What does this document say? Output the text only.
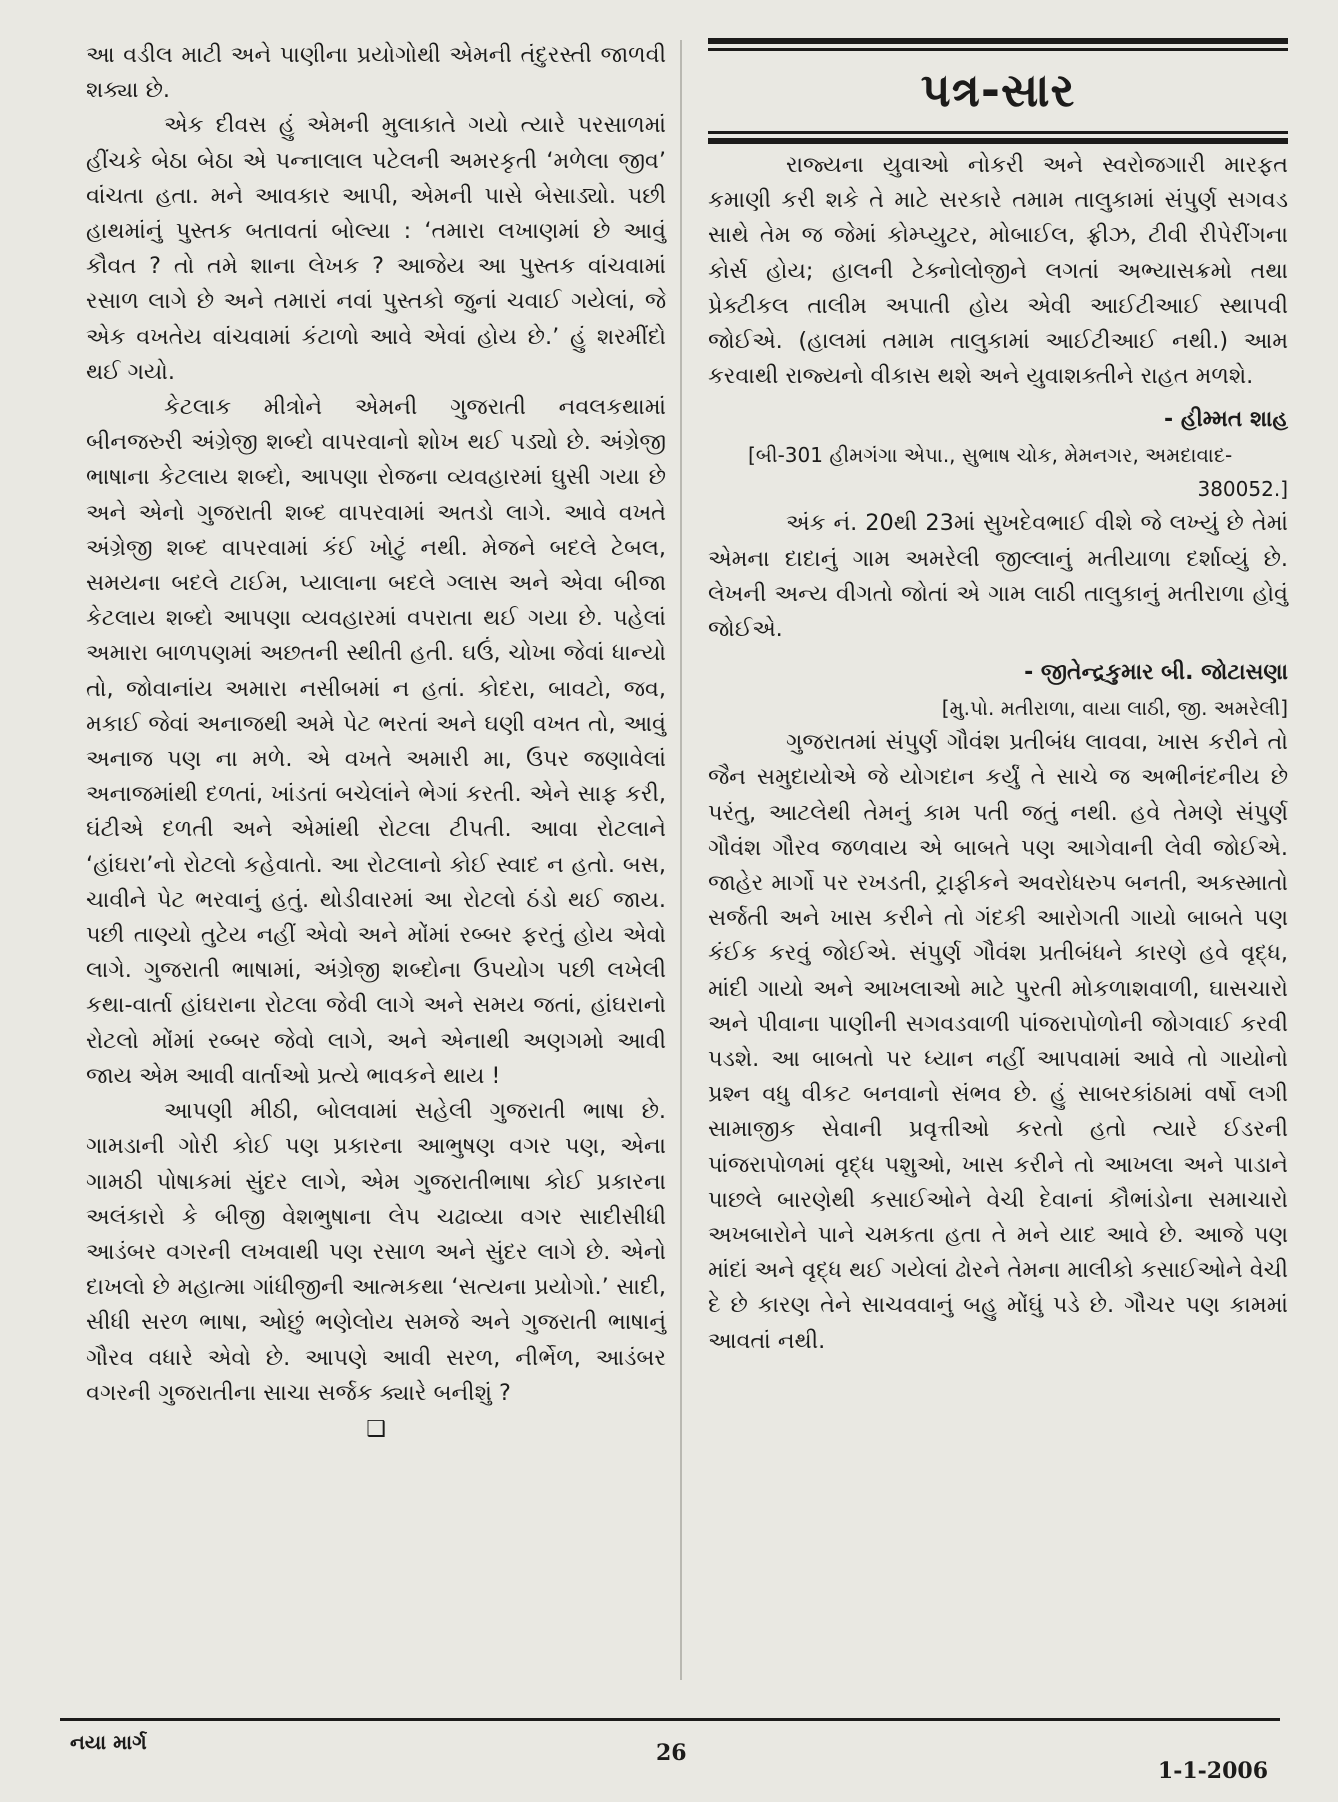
આ વડીલ માટી અને પાણીના પ્રયોગોથી એમની તંદુરસ્તી જાળવી શક્યા છે.

એક દીવસ હું એમની મુલાકાતે ગયો ત્યારે પરસાળમાં હીંચકે બેઠા બેઠા એ પન્નાલાલ પટેલની અમરકૃતી ‘મળેલા જીવ’ વાંચતા હતા. મને આવકાર આપી, એમની પાસે બેસાડ્યો. પછી હાથમાંનું પુસ્તક બતાવતાં બોલ્યા : ‘તમારા લખાણમાં છે આવું કૌવત ? તો તમે શાના લેખક ? આજેય આ પુસ્તક વાંચવામાં રસાળ લાગે છે અને તમારાં નવાં પુસ્તકો જુનાં ચવાઈ ગયેલાં, જે એક વખતેય વાંચવામાં કંટાળો આવે એવાં હોય છે.’ હું શરમીંદો થઈ ગયો.

કેટલાક મીત્રોને એમની ગુજરાતી નવલકથામાં બીનજરુરી અંગ્રેજી શબ્દો વાપરવાનો શોખ થઈ પડ્યો છે. અંગ્રેજી ભાષાના કેટલાય શબ્દો, આપણા રોજના વ્યવહારમાં ઘુસી ગયા છે અને એનો ગુજરાતી શબ્દ વાપરવામાં અતડો લાગે. આવે વખતે અંગ્રેજી શબ્દ વાપરવામાં કંઈ ખોટું નથી. મેજને બદલે ટેબલ, સમયના બદલે ટાઈમ, પ્યાલાના બદલે ગ્લાસ અને એવા બીજા કેટલાય શબ્દો આપણા વ્યવહારમાં વપરાતા થઈ ગયા છે. પહેલાં અમારા બાળપણમાં અછતની સ્થીતી હતી. ઘઉં, ચોખા જેવાં ધાન્યો તો, જોવાનાંય અમારા નસીબમાં ન હતાં. કોદરા, બાવટો, જવ, મકાઈ જેવાં અનાજથી અમે પેટ ભરતાં અને ઘણી વખત તો, આવું અનાજ પણ ના મળે. એ વખતે અમારી મા, ઉપર જણાવેલાં અનાજમાંથી દળતાં, ખાંડતાં બચેલાંને ભેગાં કરતી. એને સાફ કરી, ઘંટીએ દળતી અને એમાંથી રોટલા ટીપતી. આવા રોટલાને ‘હાંઘરા’નો રોટલો કહેવાતો. આ રોટલાનો કોઈ સ્વાદ ન હતો. બસ, ચાવીને પેટ ભરવાનું હતું. થોડીવારમાં આ રોટલો ઠંડો થઈ જાય. પછી તાણ્યો તુટેય નહીં એવો અને મોંમાં રબ્બર ફરતું હોય એવો લાગે. ગુજરાતી ભાષામાં, અંગ્રેજી શબ્દોના ઉપયોગ પછી લખેલી કથા-વાર્તા હાંઘરાના રોટલા જેવી લાગે અને સમય જતાં, હાંઘરાનો રોટલો મોંમાં રબ્બર જેવો લાગે, અને એનાથી અણગમો આવી જાય એમ આવી વાર્તાઓ પ્રત્યે ભાવકને થાય !

આપણી મીઠી, બોલવામાં સહેલી ગુજરાતી ભાષા છે. ગામડાની ગોરી કોઈ પણ પ્રકારના આભુષણ વગર પણ, એના ગામઠી પોષાકમાં સુંદર લાગે, એમ ગુજરાતીભાષા કોઈ પ્રકારના અલંકારો કે બીજી વેશભુષાના લેપ ચઢાવ્યા વગર સાદીસીધી આડંબર વગરની લખવાથી પણ રસાળ અને સુંદર લાગે છે. એનો દાખલો છે મહાત્મા ગાંધીજીની આત્મકથા ‘સત્યના પ્રયોગો.’ સાદી, સીધી સરળ ભાષા, ઓછું ભણેલોય સમજે અને ગુજરાતી ભાષાનું ગૌરવ વધારે એવો છે. આપણે આવી સરળ, નીર્ભેળ, આડંબર વગરની ગુજરાતીના સાચા સર્જક ક્યારે બનીશું ?

❑
પત્ર-સાર

રાજ્યના યુવાઓ નોકરી અને સ્વરોજગારી મારફત કમાણી કરી શકે તે માટે સરકારે તમામ તાલુકામાં સંપુર્ણ સગવડ સાથે તેમ જ જેમાં કોમ્પ્યુટર, મોબાઈલ, ફ્રીઝ, ટીવી રીપેરીંગના કોર્સ હોય; હાલની ટેક્નોલોજીને લગતાં અભ્યાસક્રમો તથા પ્રેક્ટીકલ તાલીમ અપાતી હોય એવી આઈટીઆઈ સ્થાપવી જોઈએ. (હાલમાં તમામ તાલુકામાં આઈટીઆઈ નથી.) આમ કરવાથી રાજ્યનો વીકાસ થશે અને યુવાશક્તીને રાહત મળશે.

- હીમ્મત શાહ
[બી-301 હીમગંગા એપા., સુભાષ ચોક, મેમનગર, અમદાવાદ-
380052.]

અંક નં. 20થી 23માં સુખદેવભાઈ વીશે જે લખ્યું છે તેમાં એમના દાદાનું ગામ અમરેલી જીલ્લાનું મતીયાળા દર્શાવ્યું છે. લેખની અન્ય વીગતો જોતાં એ ગામ લાઠી તાલુકાનું મતીરાળા હોવું જોઈએ.

- જીતેન્દ્રકુમાર બી. જોટાસણા
[મુ.પો. મતીરાળા, વાયા લાઠી, જી. અમરેલી]

ગુજરાતમાં સંપુર્ણ ગૌવંશ પ્રતીબંધ લાવવા, ખાસ કરીને તો જૈન સમુદાયોએ જે યોગદાન કર્યું તે સાચે જ અભીનંદનીય છે પરંતુ, આટલેથી તેમનું કામ પતી જતું નથી. હવે તેમણે સંપુર્ણ ગૌવંશ ગૌરવ જળવાય એ બાબતે પણ આગેવાની લેવી જોઈએ. જાહેર માર્ગો પર રખડતી, ટ્રાફીકને અવરોધરુપ બનતી, અકસ્માતો સર્જતી અને ખાસ કરીને તો ગંદકી આરોગતી ગાયો બાબતે પણ કંઈક કરવું જોઈએ. સંપુર્ણ ગૌવંશ પ્રતીબંધને કારણે હવે વૃદ્ધ, માંદી ગાયો અને આખલાઓ માટે પુરતી મોકળાશવાળી, ઘાસચારો અને પીવાના પાણીની સગવડવાળી પાંજરાપોળોની જોગવાઈ કરવી પડશે. આ બાબતો પર ધ્યાન નહીં આપવામાં આવે તો ગાયોનો પ્રશ્ન વધુ વીકટ બનવાનો સંભવ છે. હું સાબરકાંઠામાં વર્ષો લગી સામાજીક સેવાની પ્રવૃત્તીઓ કરતો હતો ત્યારે ઈડરની પાંજરાપોળમાં વૃદ્ધ પશુઓ, ખાસ કરીને તો આખલા અને પાડાને પાછલે બારણેથી કસાઈઓને વેચી દેવાનાં કૌભાંડોના સમાચારો અખબારોને પાને ચમકતા હતા તે મને યાદ આવે છે. આજે પણ માંદાં અને વૃદ્ધ થઈ ગયેલાં ઢોરને તેમના માલીકો કસાઈઓને વેચી દે છે કારણ તેને સાચવવાનું બહુ મોંઘું પડે છે. ગૌચર પણ કામમાં આવતાં નથી.

નયા માર્ગ	26
1-1-2006
